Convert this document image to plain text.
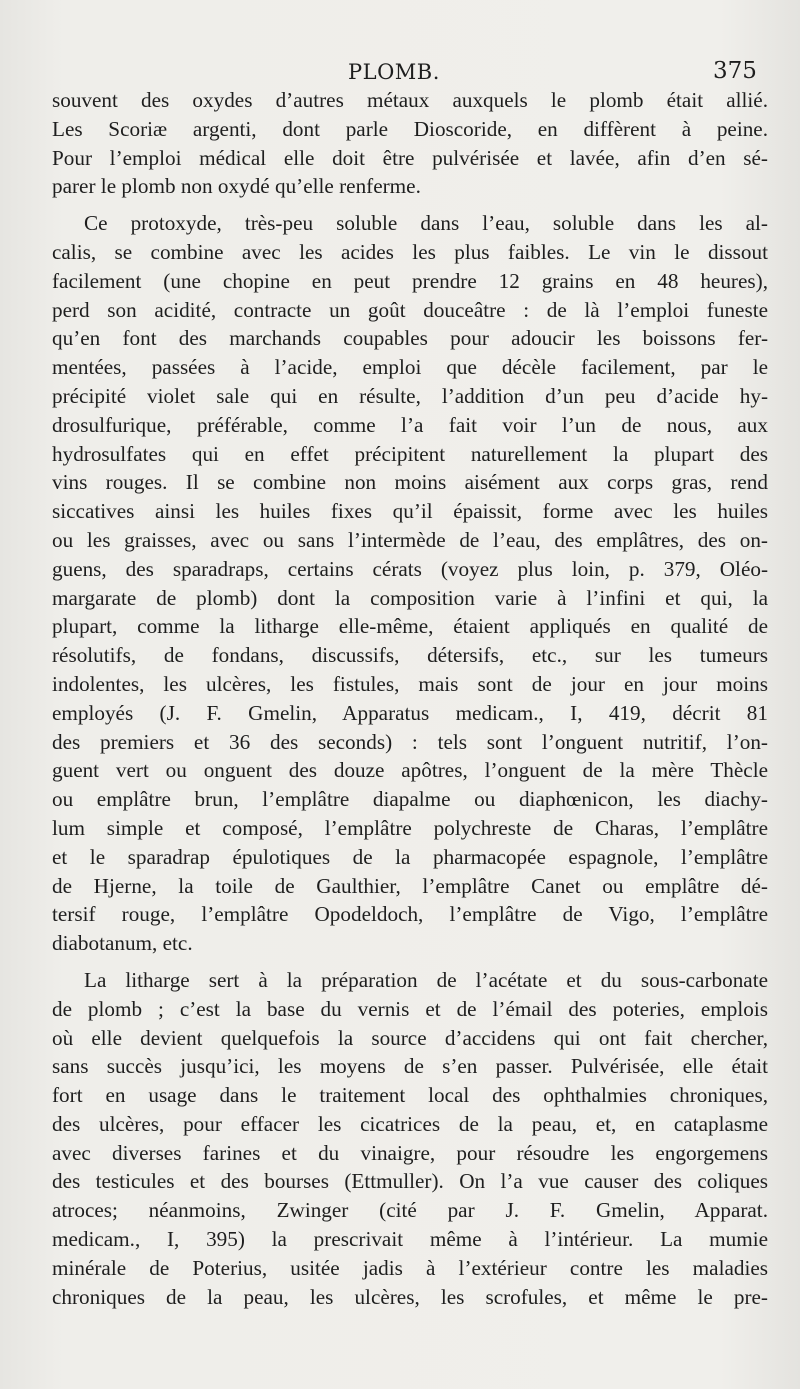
PLOMB.	375
souvent des oxydes d’autres métaux auxquels le plomb était allié.
Les Scoriæ argenti, dont parle Dioscoride, en diffèrent à peine.
Pour l’emploi médical elle doit être pulvérisée et lavée, afin d’en sé-
parer le plomb non oxydé qu’elle renferme.
Ce protoxyde, très-peu soluble dans l’eau, soluble dans les al-
calis, se combine avec les acides les plus faibles. Le vin le dissout
facilement (une chopine en peut prendre 12 grains en 48 heures),
perd son acidité, contracte un goût douceâtre : de là l’emploi funeste
qu’en font des marchands coupables pour adoucir les boissons fer-
mentées, passées à l’acide, emploi que décèle facilement, par le
précipité violet sale qui en résulte, l’addition d’un peu d’acide hy-
drosulfurique, préférable, comme l’a fait voir l’un de nous, aux
hydrosulfates qui en effet précipitent naturellement la plupart des
vins rouges. Il se combine non moins aisément aux corps gras, rend
siccatives ainsi les huiles fixes qu’il épaissit, forme avec les huiles
ou les graisses, avec ou sans l’intermède de l’eau, des emplâtres, des on-
guens, des sparadraps, certains cérats (voyez plus loin, p. 379, Oléo-
margarate de plomb) dont la composition varie à l’infini et qui, la
plupart, comme la litharge elle-même, étaient appliqués en qualité de
résolutifs, de fondans, discussifs, détersifs, etc., sur les tumeurs
indolentes, les ulcères, les fistules, mais sont de jour en jour moins
employés (J. F. Gmelin, Apparatus medicam., I, 419, décrit 81
des premiers et 36 des seconds) : tels sont l’onguent nutritif, l’on-
guent vert ou onguent des douze apôtres, l’onguent de la mère Thècle
ou emplâtre brun, l’emplâtre diapalme ou diaphœnicon, les diachy-
lum simple et composé, l’emplâtre polychreste de Charas, l’emplâtre
et le sparadrap épulotiques de la pharmacopée espagnole, l’emplâtre
de Hjerne, la toile de Gaulthier, l’emplâtre Canet ou emplâtre dé-
tersif rouge, l’emplâtre Opodeldoch, l’emplâtre de Vigo, l’emplâtre
diabotanum, etc.
La litharge sert à la préparation de l’acétate et du sous-carbonate
de plomb ; c’est la base du vernis et de l’émail des poteries, emplois
où elle devient quelquefois la source d’accidens qui ont fait chercher,
sans succès jusqu’ici, les moyens de s’en passer. Pulvérisée, elle était
fort en usage dans le traitement local des ophthalmies chroniques,
des ulcères, pour effacer les cicatrices de la peau, et, en cataplasme
avec diverses farines et du vinaigre, pour résoudre les engorgemens
des testicules et des bourses (Ettmuller). On l’a vue causer des coliques
atroces; néanmoins, Zwinger (cité par J. F. Gmelin, Apparat.
medicam., I, 395) la prescrivait même à l’intérieur. La mumie
minérale de Poterius, usitée jadis à l’extérieur contre les maladies
chroniques de la peau, les ulcères, les scrofules, et même le pre-
